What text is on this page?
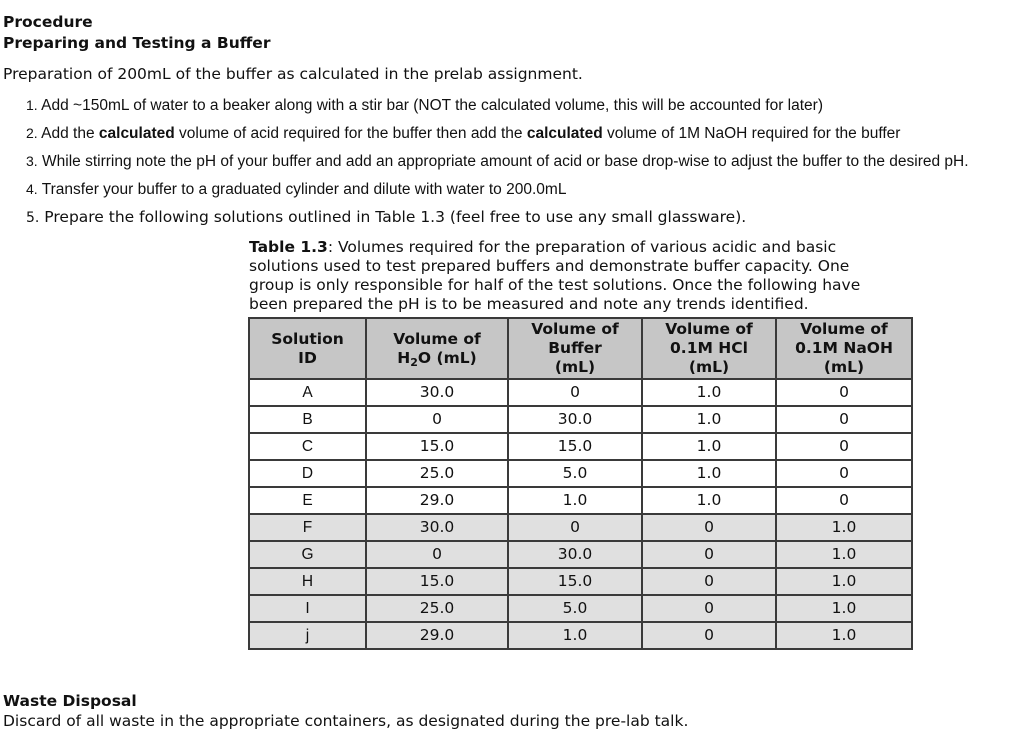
Procedure
Preparing and Testing a Buffer
Preparation of 200mL of the buffer as calculated in the prelab assignment.
1. Add ~150mL of water to a beaker along with a stir bar (NOT the calculated volume, this will be accounted for later)
2. Add the calculated volume of acid required for the buffer then add the calculated volume of 1M NaOH required for the buffer
3. While stirring note the pH of your buffer and add an appropriate amount of acid or base drop-wise to adjust the buffer to the desired pH.
4. Transfer your buffer to a graduated cylinder and dilute with water to 200.0mL
5. Prepare the following solutions outlined in Table 1.3 (feel free to use any small glassware).
Table 1.3: Volumes required for the preparation of various acidic and basic solutions used to test prepared buffers and demonstrate buffer capacity. One group is only responsible for half of the test solutions. Once the following have been prepared the pH is to be measured and note any trends identified.
Solution
ID	Volume of
$H_2O$ (mL)	Volume of
Buffer
(mL)	Volume of
0.1M HCl
(mL)	Volume of
0.1M NaOH
(mL)
A	30.0	0	1.0	0
B	0	30.0	1.0	0
C	15.0	15.0	1.0	0
D	25.0	5.0	1.0	0
E	29.0	1.0	1.0	0
F	30.0	0	0	1.0
G	0	30.0	0	1.0
H	15.0	15.0	0	1.0
I	25.0	5.0	0	1.0
j	29.0	1.0	0	1.0
Waste Disposal
Discard of all waste in the appropriate containers, as designated during the pre-lab talk.
